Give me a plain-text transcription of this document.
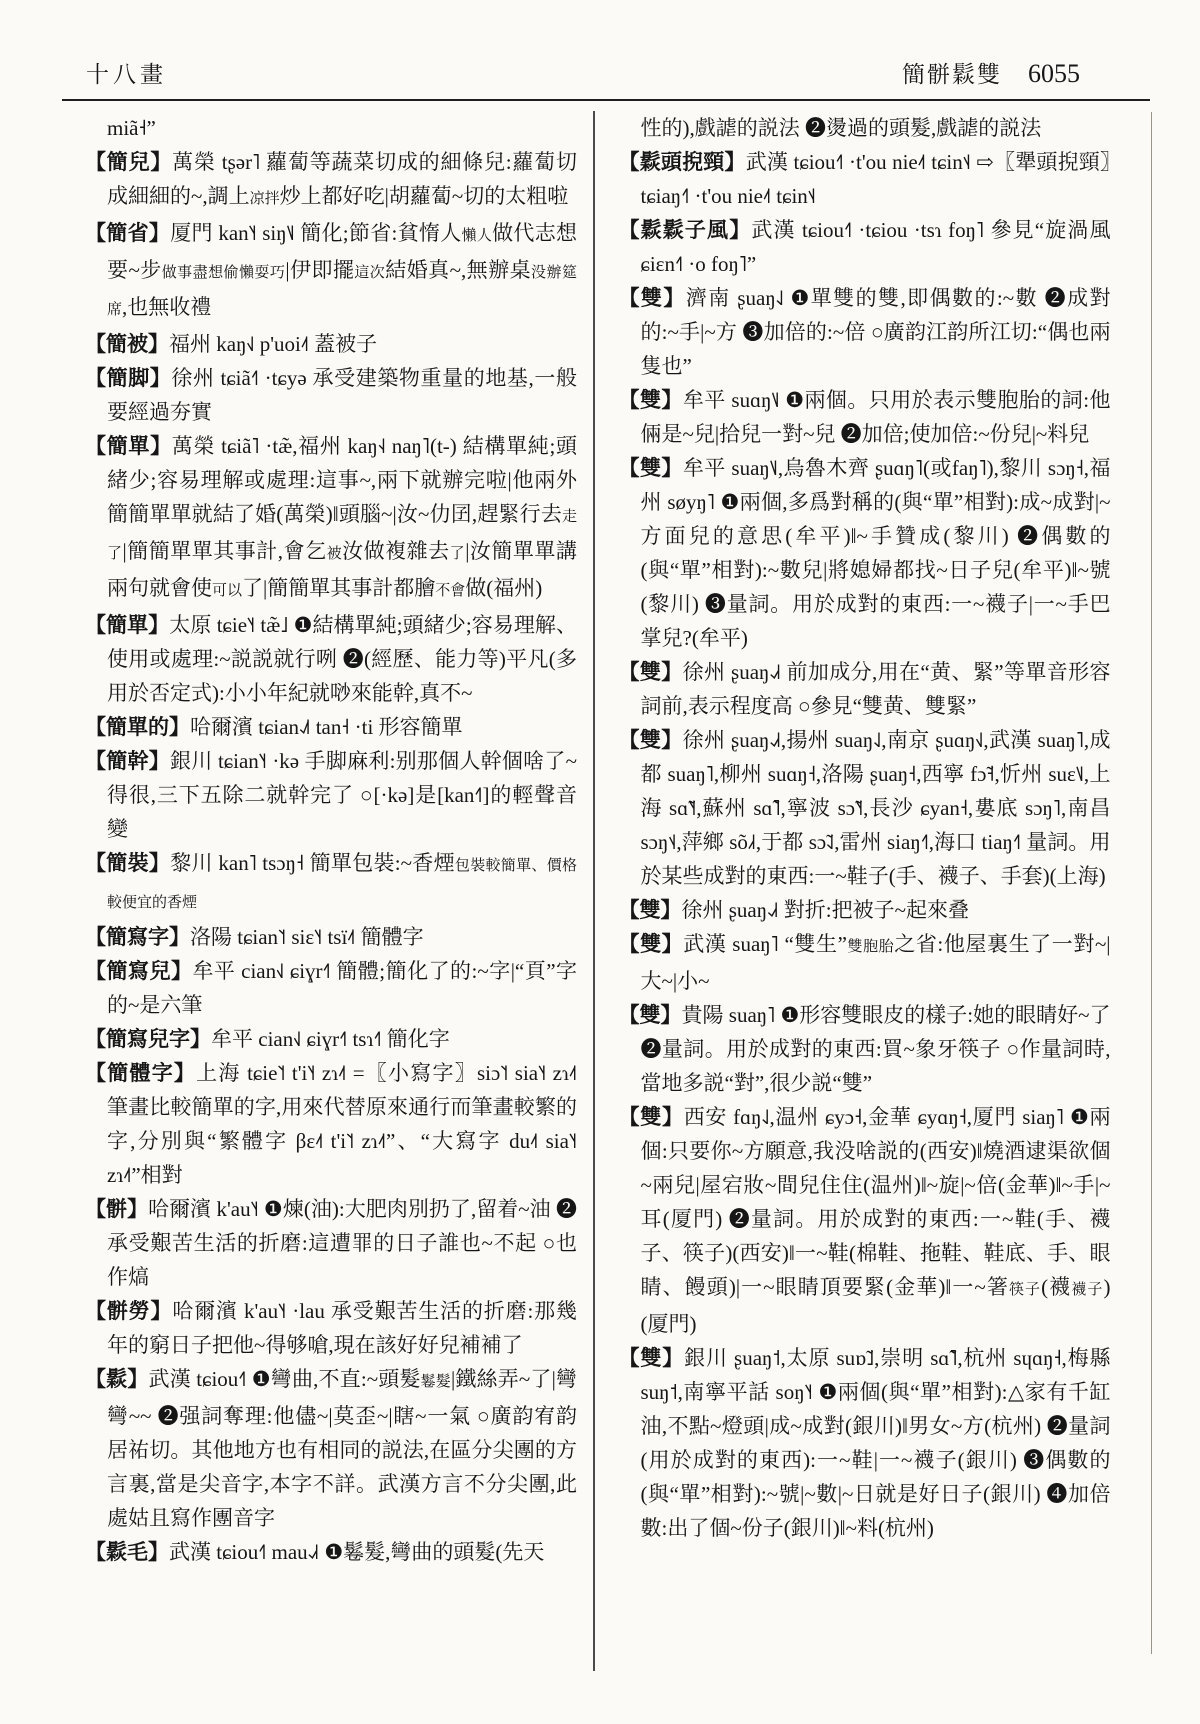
十八畫	簡骿鬏雙 6055

miã˧”

【簡兒】萬榮 tʂər˥ 蘿蔔等蔬菜切成的細條兒:蘿蔔切成細細的~,調上凉拌炒上都好吃|胡蘿蔔~切的太粗啦

【簡省】厦門 kan˥˧ siŋ˥˩ 簡化;節省:貧惰人懶人做代志想要~步做事盡想偷懶耍巧|伊即擺這次結婚真~,無辦桌没辦筵席,也無收禮

【簡被】福州 kaŋ˧˩ p'uoi˨˦ 蓋被子

【簡脚】徐州 tɕiã˧˥ ·tɕyə 承受建築物重量的地基,一般要經過夯實

【簡單】萬榮 tɕiã˥ ·tæ̃,福州 kaŋ˧˨ naŋ˥(t-) 結構單純;頭緒少;容易理解或處理:這事~,兩下就辦完啦|他兩外簡簡單單就結了婚(萬榮)‖頭腦~|汝~仂囝,趕緊行去走了|簡簡單單其事計,會乞被汝做複雜去了|汝簡單單講兩句就會使可以了|簡簡單其事計都膾不會做(福州)

【簡單】太原 tɕie˥˧ tæ̃˩ ❶結構單純;頭緒少;容易理解、使用或處理:~説説就行咧 ❷(經歷、能力等)平凡(多用於否定式):小小年紀就唦來能幹,真不~

【簡單的】哈爾濱 tɕian˨˩˦ tan˧ ·ti 形容簡單

【簡幹】銀川 tɕian˥˧ ·kə 手脚麻利:别那個人幹個啥了~得很,三下五除二就幹完了 ○[·kə]是[kan˧˥]的輕聲音變

【簡裝】黎川 kan˥ tsɔŋ˧ 簡單包裝:~香煙包裝較簡單、價格較便宜的香煙

【簡寫字】洛陽 tɕian˥˦ siɛ˥˧ tsï˨˦ 簡體字

【簡寫兒】牟平 cian˧˩ ɕiɣr˧˥ 簡體;簡化了的:~字|“頁”字的~是六筆

【簡寫兒字】牟平 cian˧˩ ɕiɣr˧˥ tsɿ˧˥ 簡化字

【簡體字】上海 tɕie˥˦ t'i˥˧ zɿ˨˦ =〖小寫字〗siɔ˥˦ sia˥˧ zɿ˨˦ 筆畫比較簡單的字,用來代替原來通行而筆畫較繁的字,分別與“繁體字 βɛ˨˦ t'i˥˦ zɿ˨˦”、“大寫字 du˨˦ sia˥˧ zɿ˨˦”相對

【骿】哈爾濱 k'au˥˧ ❶煉(油):大肥肉別扔了,留着~油 ❷承受艱苦生活的折磨:這遭罪的日子誰也~不起 ○也作熇

【骿勞】哈爾濱 k'au˥˧ ·lau 承受艱苦生活的折磨:那幾年的窮日子把他~得够嗆,現在該好好兒補補了

【鬏】武漢 tɕiou˧˥ ❶彎曲,不直:~頭髮鬈髮|鐵絲弄~了|彎彎~~ ❷强詞奪理:他儘~|莫歪~|瞎~一氣 ○廣韵宥韵居祐切。其他地方也有相同的説法,在區分尖團的方言裏,當是尖音字,本字不詳。武漢方言不分尖團,此處姑且寫作團音字

【鬏毛】武漢 tɕiou˧˥ mau˨˩˧ ❶鬈髮,彎曲的頭髮(先天

性的),戲謔的説法 ❷燙過的頭髮,戲謔的説法

【鬏頭掜頸】武漢 tɕiou˧˥ ·t'ou nie˨˦ tɕin˦˨ ⇨〖犟頭掜頸〗tɕiaŋ˧˥ ·t'ou nie˨˦ tɕin˦˨

【鬏鬏子風】武漢 tɕiou˧˥ ·tɕiou ·tsɿ foŋ˥ 參見“旋渦風 ɕiɛn˧˥ ·o foŋ˥”

【雙】濟南 ʂuaŋ˨˩ ❶單雙的雙,即偶數的:~數 ❷成對的:~手|~方 ❸加倍的:~倍 ○廣韵江韵所江切:“偶也兩隻也”

【雙】牟平 suɑŋ˥˩ ❶兩個。只用於表示雙胞胎的詞:他倆是~兒|拾兒一對~兒 ❷加倍;使加倍:~份兒|~料兒

【雙】牟平 suaŋ˥˩,烏魯木齊 ʂuɑŋ˥(或faŋ˥),黎川 sɔŋ˧,福州 søyŋ˥ ❶兩個,多爲對稱的(與“單”相對):成~成對|~方面兒的意思(牟平)‖~手贊成(黎川) ❷偶數的(與“單”相對):~數兒|將媳婦都找~日子兒(牟平)‖~號(黎川) ❸量詞。用於成對的東西:一~襪子|一~手巴掌兒?(牟平)

【雙】徐州 ʂuaŋ˨˩˧ 前加成分,用在“黄、緊”等單音形容詞前,表示程度高 ○參見“雙黄、雙緊”

【雙】徐州 ʂuaŋ˨˩˧,揚州 suaŋ˨˩,南京 ʂuɑŋ˧˩,武漢 suaŋ˥,成都 suaŋ˥,柳州 suɑŋ˧,洛陽 ʂuaŋ˧,西寧 fɔ̃˧,忻州 suɛ˥˩,上海 sɑ̃˥˧,蘇州 sɑ̃˥,寧波 sɔ̃˥˧,長沙 ɕyan˧,婁底 sɔŋ˥,南昌 sɔŋ˦˨,萍鄉 sõ˩˧,于都 sɔ̃˨˩,雷州 siaŋ˧˥,海口 tiaŋ˧˥ 量詞。用於某些成對的東西:一~鞋子(手、襪子、手套)(上海)

【雙】徐州 ʂuaŋ˨˩˧ 對折:把被子~起來叠

【雙】武漢 suaŋ˥ “雙生”雙胞胎之省:他屋裏生了一對~|大~|小~

【雙】貴陽 suaŋ˥ ❶形容雙眼皮的樣子:她的眼睛好~了 ❷量詞。用於成對的東西:買~象牙筷子 ○作量詞時,當地多説“對”,很少説“雙”

【雙】西安 fɑŋ˨˩,温州 ɕyɔ˧,金華 ɕyɑŋ˧,厦門 siaŋ˥ ❶兩個:只要你~方願意,我没啥説的(西安)‖燒酒逮渠欲個~兩兒|屋宕妝~間兒住住(温州)‖~旋|~倍(金華)‖~手|~耳(厦門) ❷量詞。用於成對的東西:一~鞋(手、襪子、筷子)(西安)‖一~鞋(棉鞋、拖鞋、鞋底、手、眼睛、饅頭)|一~眼睛頂要緊(金華)‖一~箸筷子(襪襪子)(厦門)

【雙】銀川 ʂuaŋ˦,太原 suɒ̃˩,崇明 sɑ̃˥,杭州 sɥɑŋ˧,梅縣 suŋ˦,南寧平話 soŋ˥˧ ❶兩個(與“單”相對):△家有千缸油,不點~燈頭|成~成對(銀川)‖男女~方(杭州) ❷量詞(用於成對的東西):一~鞋|一~襪子(銀川) ❸偶數的(與“單”相對):~號|~數|~日就是好日子(銀川) ❹加倍數:出了個~份子(銀川)‖~料(杭州)
